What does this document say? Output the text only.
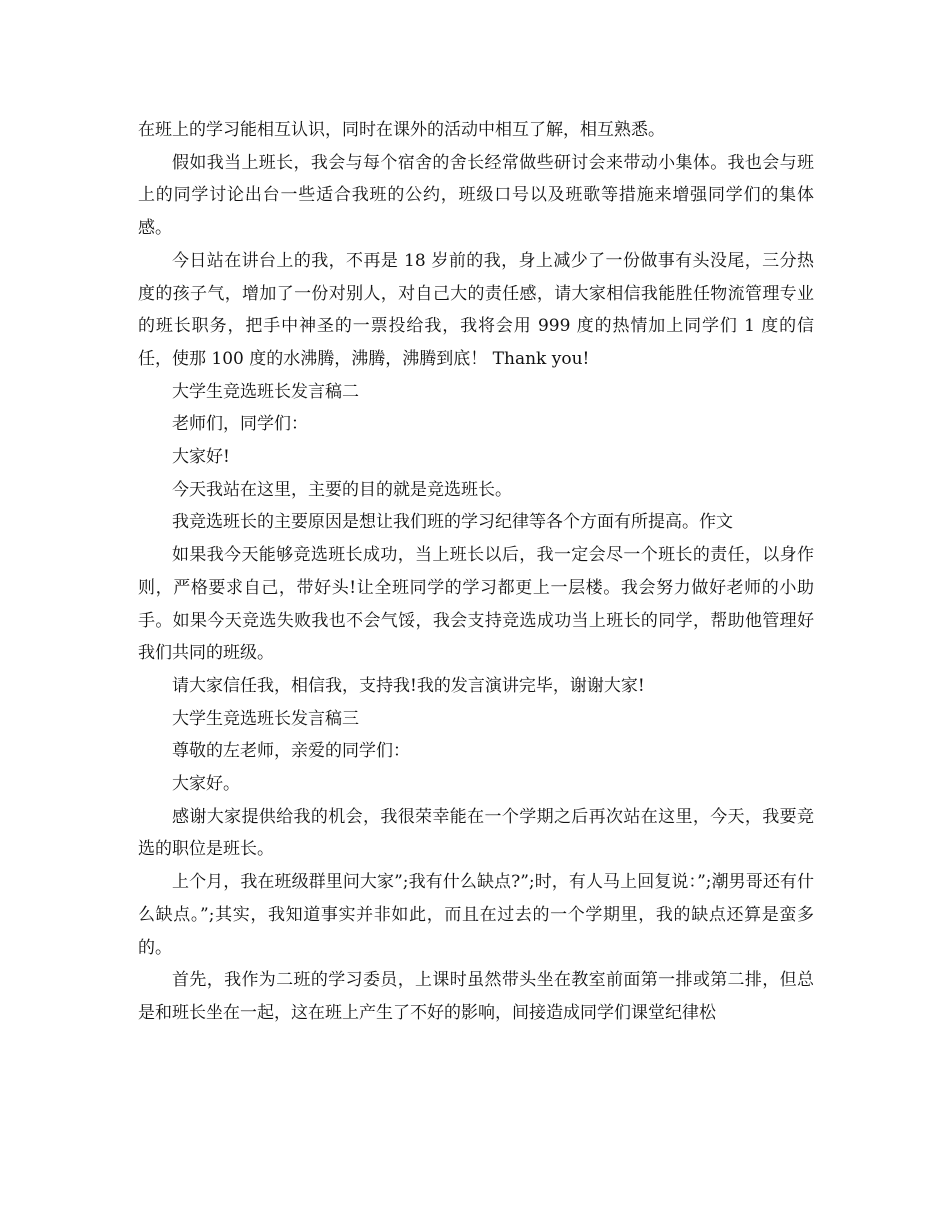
在班上的学习能相互认识，同时在课外的活动中相互了解，相互熟悉。

假如我当上班长，我会与每个宿舍的舍长经常做些研讨会来带动小集体。我也会与班上的同学讨论出台一些适合我班的公约，班级口号以及班歌等措施来增强同学们的集体感。

今日站在讲台上的我，不再是 18 岁前的我，身上减少了一份做事有头没尾，三分热度的孩子气，增加了一份对别人，对自己大的责任感，请大家相信我能胜任物流管理专业的班长职务，把手中神圣的一票投给我，我将会用 999 度的热情加上同学们 1 度的信任，使那 100 度的水沸腾，沸腾，沸腾到底！ Thank you!

大学生竞选班长发言稿二

老师们，同学们：

大家好!

今天我站在这里，主要的目的就是竞选班长。

我竞选班长的主要原因是想让我们班的学习纪律等各个方面有所提高。作文

如果我今天能够竞选班长成功，当上班长以后，我一定会尽一个班长的责任，以身作则，严格要求自己，带好头!让全班同学的学习都更上一层楼。我会努力做好老师的小助手。如果今天竞选失败我也不会气馁，我会支持竞选成功当上班长的同学，帮助他管理好我们共同的班级。

请大家信任我，相信我，支持我!我的发言演讲完毕，谢谢大家!

大学生竞选班长发言稿三

尊敬的左老师，亲爱的同学们：

大家好。

感谢大家提供给我的机会，我很荣幸能在一个学期之后再次站在这里，今天，我要竞选的职位是班长。

上个月，我在班级群里问大家”;我有什么缺点?”;时，有人马上回复说：”;潮男哥还有什么缺点。”;其实，我知道事实并非如此，而且在过去的一个学期里，我的缺点还算是蛮多的。

首先，我作为二班的学习委员，上课时虽然带头坐在教室前面第一排或第二排，但总是和班长坐在一起，这在班上产生了不好的影响，间接造成同学们课堂纪律松
